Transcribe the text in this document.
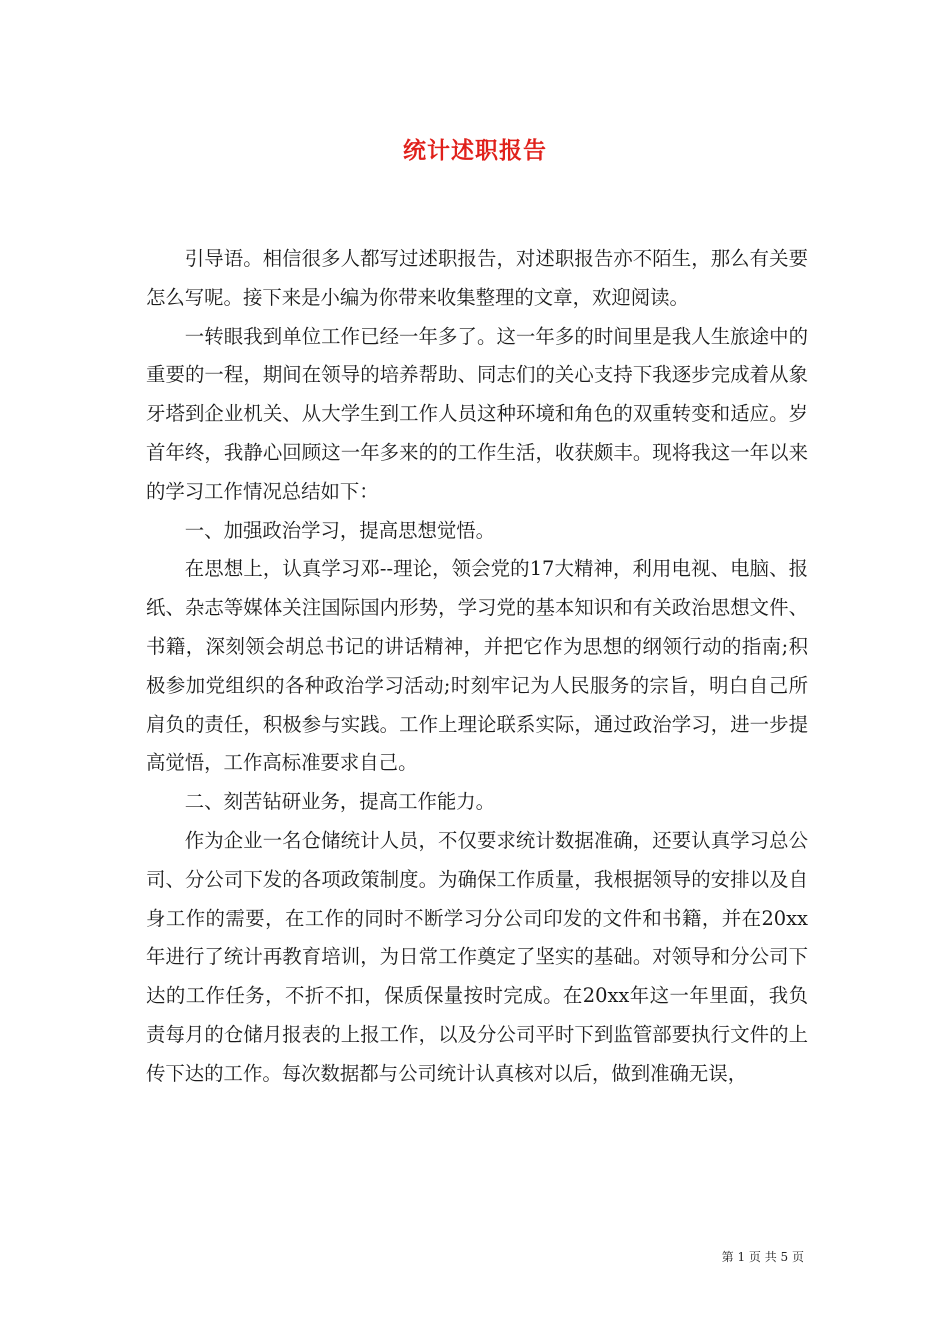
统计述职报告

引导语。相信很多人都写过述职报告，对述职报告亦不陌生，那么有关要怎么写呢。接下来是小编为你带来收集整理的文章，欢迎阅读。

一转眼我到单位工作已经一年多了。这一年多的时间里是我人生旅途中的重要的一程，期间在领导的培养帮助、同志们的关心支持下我逐步完成着从象牙塔到企业机关、从大学生到工作人员这种环境和角色的双重转变和适应。岁首年终，我静心回顾这一年多来的的工作生活，收获颇丰。现将我这一年以来的学习工作情况总结如下：

一、加强政治学习，提高思想觉悟。

在思想上，认真学习邓--理论，领会党的17大精神，利用电视、电脑、报纸、杂志等媒体关注国际国内形势，学习党的基本知识和有关政治思想文件、书籍，深刻领会胡总书记的讲话精神，并把它作为思想的纲领行动的指南;积极参加党组织的各种政治学习活动;时刻牢记为人民服务的宗旨，明白自己所肩负的责任，积极参与实践。工作上理论联系实际，通过政治学习，进一步提高觉悟，工作高标准要求自己。

二、刻苦钻研业务，提高工作能力。

作为企业一名仓储统计人员，不仅要求统计数据准确，还要认真学习总公司、分公司下发的各项政策制度。为确保工作质量，我根据领导的安排以及自身工作的需要，在工作的同时不断学习分公司印发的文件和书籍，并在20xx年进行了统计再教育培训，为日常工作奠定了坚实的基础。对领导和分公司下达的工作任务，不折不扣，保质保量按时完成。在20xx年这一年里面，我负责每月的仓储月报表的上报工作，以及分公司平时下到监管部要执行文件的上传下达的工作。每次数据都与公司统计认真核对以后，做到准确无误，

第 1 页 共 5 页
